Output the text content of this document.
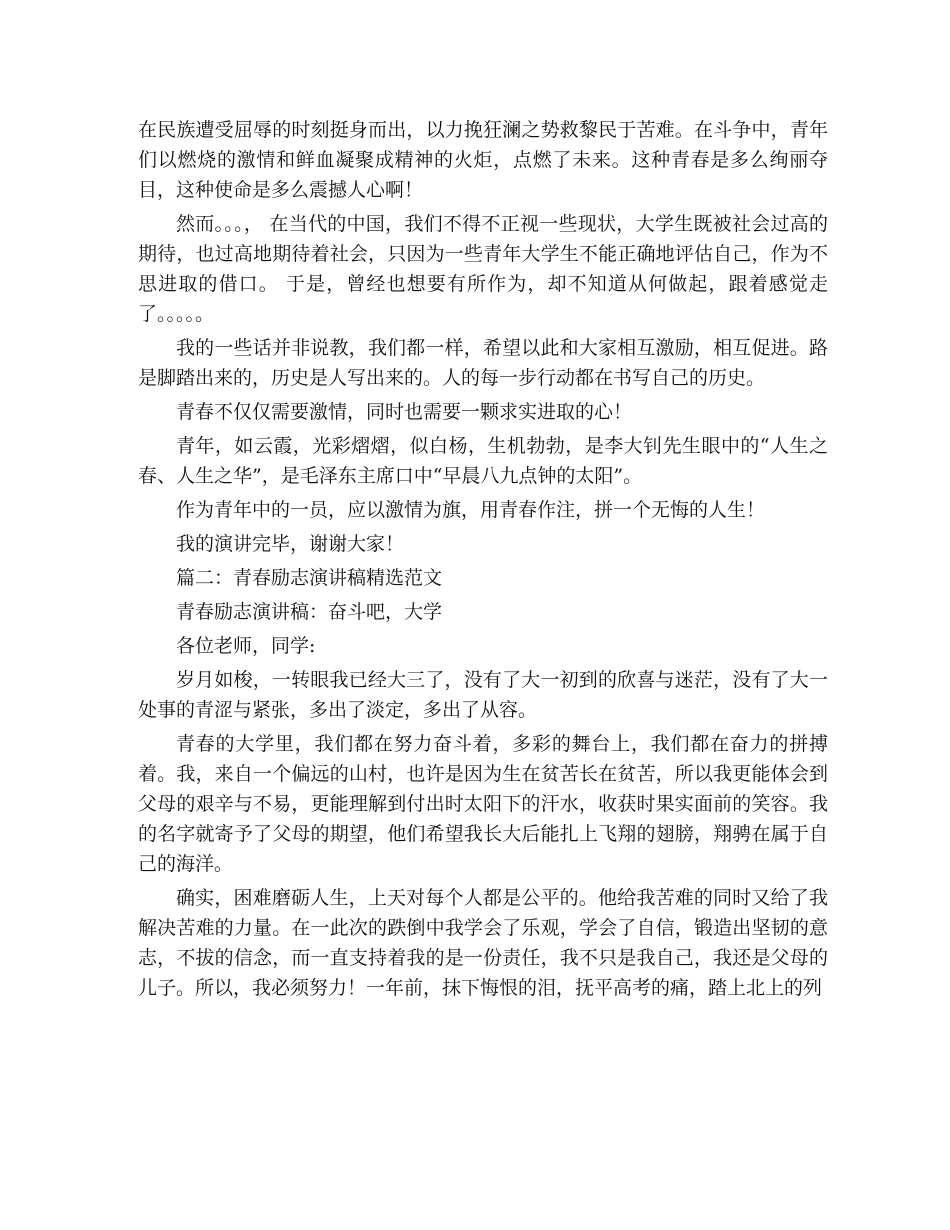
在民族遭受屈辱的时刻挺身而出，以力挽狂澜之势救黎民于苦难。在斗争中，青年们以燃烧的激情和鲜血凝聚成精神的火炬，点燃了未来。这种青春是多么绚丽夺目，这种使命是多么震撼人心啊！

然而。。。， 在当代的中国，我们不得不正视一些现状，大学生既被社会过高的期待，也过高地期待着社会，只因为一些青年大学生不能正确地评估自己，作为不思进取的借口。 于是，曾经也想要有所作为，却不知道从何做起，跟着感觉走了。。。。。

我的一些话并非说教，我们都一样，希望以此和大家相互激励，相互促进。路是脚踏出来的，历史是人写出来的。人的每一步行动都在书写自己的历史。

青春不仅仅需要激情，同时也需要一颗求实进取的心！

青年，如云霞，光彩熠熠，似白杨，生机勃勃，是李大钊先生眼中的“人生之春、人生之华”，是毛泽东主席口中“早晨八九点钟的太阳”。

作为青年中的一员，应以激情为旗，用青春作注，拼一个无悔的人生！

我的演讲完毕，谢谢大家！

篇二：青春励志演讲稿精选范文

青春励志演讲稿：奋斗吧，大学

各位老师，同学:

岁月如梭，一转眼我已经大三了，没有了大一初到的欣喜与迷茫，没有了大一处事的青涩与紧张，多出了淡定，多出了从容。

青春的大学里，我们都在努力奋斗着，多彩的舞台上，我们都在奋力的拼搏着。我，来自一个偏远的山村，也许是因为生在贫苦长在贫苦，所以我更能体会到父母的艰辛与不易，更能理解到付出时太阳下的汗水，收获时果实面前的笑容。我的名字就寄予了父母的期望，他们希望我长大后能扎上飞翔的翅膀，翔骋在属于自己的海洋。

确实，困难磨砺人生，上天对每个人都是公平的。他给我苦难的同时又给了我解决苦难的力量。在一此次的跌倒中我学会了乐观，学会了自信，锻造出坚韧的意志，不拔的信念，而一直支持着我的是一份责任，我不只是我自己，我还是父母的儿子。所以，我必须努力！一年前，抹下悔恨的泪，抚平高考的痛，踏上北上的列
